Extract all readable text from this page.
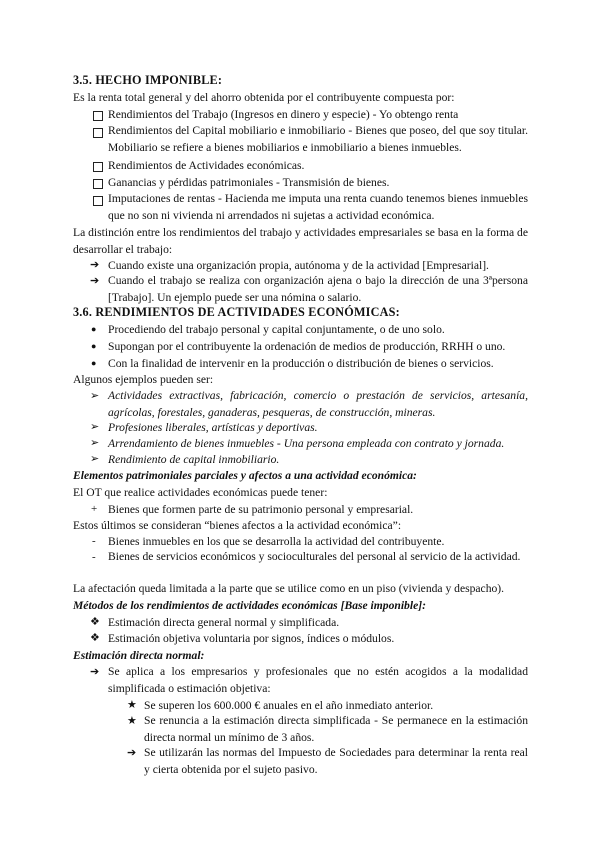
3.5. HECHO IMPONIBLE:
Es la renta total general y del ahorro obtenida por el contribuyente compuesta por:
Rendimientos del Trabajo (Ingresos en dinero y especie) - Yo obtengo renta
Rendimientos del Capital mobiliario e inmobiliario - Bienes que poseo, del que soy titular. Mobiliario se refiere a bienes mobiliarios e inmobiliario a bienes inmuebles.
Rendimientos de Actividades económicas.
Ganancias y pérdidas patrimoniales - Transmisión de bienes.
Imputaciones de rentas - Hacienda me imputa una renta cuando tenemos bienes inmuebles que no son ni vivienda ni arrendados ni sujetas a actividad económica.
La distinción entre los rendimientos del trabajo y actividades empresariales se basa en la forma de desarrollar el trabajo:
➔ Cuando existe una organización propia, autónoma y de la actividad [Empresarial].
➔ Cuando el trabajo se realiza con organización ajena o bajo la dirección de una 3ªpersona [Trabajo]. Un ejemplo puede ser una nómina o salario.
3.6. RENDIMIENTOS DE ACTIVIDADES ECONÓMICAS:
● Procediendo del trabajo personal y capital conjuntamente, o de uno solo.
● Supongan por el contribuyente la ordenación de medios de producción, RRHH o uno.
● Con la finalidad de intervenir en la producción o distribución de bienes o servicios.
Algunos ejemplos pueden ser:
➢ Actividades extractivas, fabricación, comercio o prestación de servicios, artesanía, agrícolas, forestales, ganaderas, pesqueras, de construcción, mineras.
➢ Profesiones liberales, artísticas y deportivas.
➢ Arrendamiento de bienes inmuebles - Una persona empleada con contrato y jornada.
➢ Rendimiento de capital inmobiliario.
Elementos patrimoniales parciales y afectos a una actividad económica:
El OT que realice actividades económicas puede tener:
+ Bienes que formen parte de su patrimonio personal y empresarial.
Estos últimos se consideran “bienes afectos a la actividad económica”:
- Bienes inmuebles en los que se desarrolla la actividad del contribuyente.
- Bienes de servicios económicos y socioculturales del personal al servicio de la actividad.
La afectación queda limitada a la parte que se utilice como en un piso (vivienda y despacho).
Métodos de los rendimientos de actividades económicas [Base imponible]:
❖ Estimación directa general normal y simplificada.
❖ Estimación objetiva voluntaria por signos, índices o módulos.
Estimación directa normal:
➔ Se aplica a los empresarios y profesionales que no estén acogidos a la modalidad simplificada o estimación objetiva:
★ Se superen los 600.000 € anuales en el año inmediato anterior.
★ Se renuncia a la estimación directa simplificada - Se permanece en la estimación directa normal un mínimo de 3 años.
➔ Se utilizarán las normas del Impuesto de Sociedades para determinar la renta real y cierta obtenida por el sujeto pasivo.
